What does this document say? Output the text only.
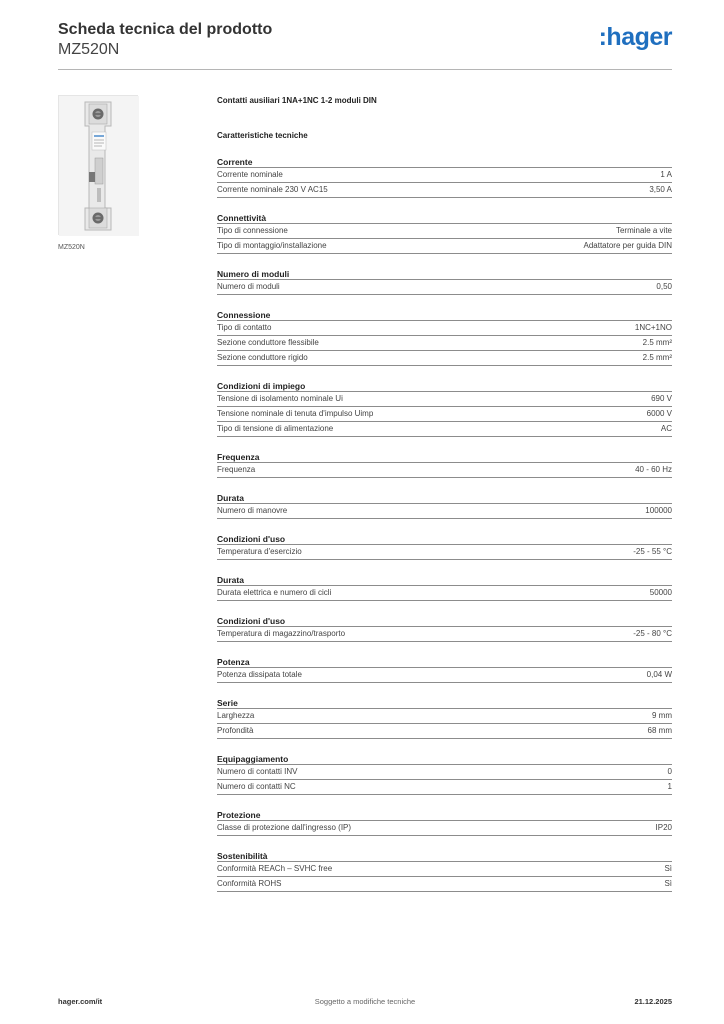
Scheda tecnica del prodotto
MZ520N	:hager
MZ520N
Contatti ausiliari 1NA+1NC 1-2 moduli DIN
Caratteristiche tecniche
Corrente
Corrente nominale	1 A
Corrente nominale 230 V AC15	3,50 A
Connettività
Tipo di connessione	Terminale a vite
Tipo di montaggio/installazione	Adattatore per guida DIN
Numero di moduli
Numero di moduli	0,50
Connessione
Tipo di contatto	1NC+1NO
Sezione conduttore flessibile	2.5 mm²
Sezione conduttore rigido	2.5 mm²
Condizioni di impiego
Tensione di isolamento nominale Ui	690 V
Tensione nominale di tenuta d'impulso Uimp	6000 V
Tipo di tensione di alimentazione	AC
Frequenza
Frequenza	40 - 60 Hz
Durata
Numero di manovre	100000
Condizioni d'uso
Temperatura d'esercizio	-25 - 55 °C
Durata
Durata elettrica e numero di cicli	50000
Condizioni d'uso
Temperatura di magazzino/trasporto	-25 - 80 °C
Potenza
Potenza dissipata totale	0,04 W
Serie
Larghezza	9 mm
Profondità	68 mm
Equipaggiamento
Numero di contatti INV	0
Numero di contatti NC	1
Protezione
Classe di protezione dall'ingresso (IP)	IP20
Sostenibilità
Conformità REACh – SVHC free	Sì
Conformità ROHS	Sì
hager.com/it	Soggetto a modifiche tecniche	21.12.2025
